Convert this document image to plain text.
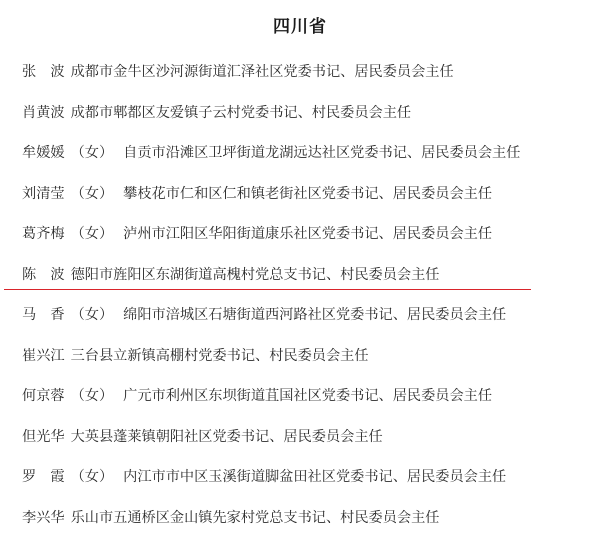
四川省
张　波 成都市金牛区沙河源街道汇泽社区党委书记、居民委员会主任
肖黄波 成都市郫都区友爱镇子云村党委书记、村民委员会主任
牟媛媛 （女） 自贡市沿滩区卫坪街道龙湖远达社区党委书记、居民委员会主任
刘清莹 （女） 攀枝花市仁和区仁和镇老街社区党委书记、居民委员会主任
葛齐梅 （女） 泸州市江阳区华阳街道康乐社区党委书记、居民委员会主任
陈　波 德阳市旌阳区东湖街道高槐村党总支书记、村民委员会主任
马　香 （女） 绵阳市涪城区石塘街道西河路社区党委书记、居民委员会主任
崔兴江 三台县立新镇高棚村党委书记、村民委员会主任
何京蓉 （女） 广元市利州区东坝街道苴国社区党委书记、居民委员会主任
但光华 大英县蓬莱镇朝阳社区党委书记、居民委员会主任
罗　霞 （女） 内江市市中区玉溪街道脚盆田社区党委书记、居民委员会主任
李兴华 乐山市五通桥区金山镇先家村党总支书记、村民委员会主任
